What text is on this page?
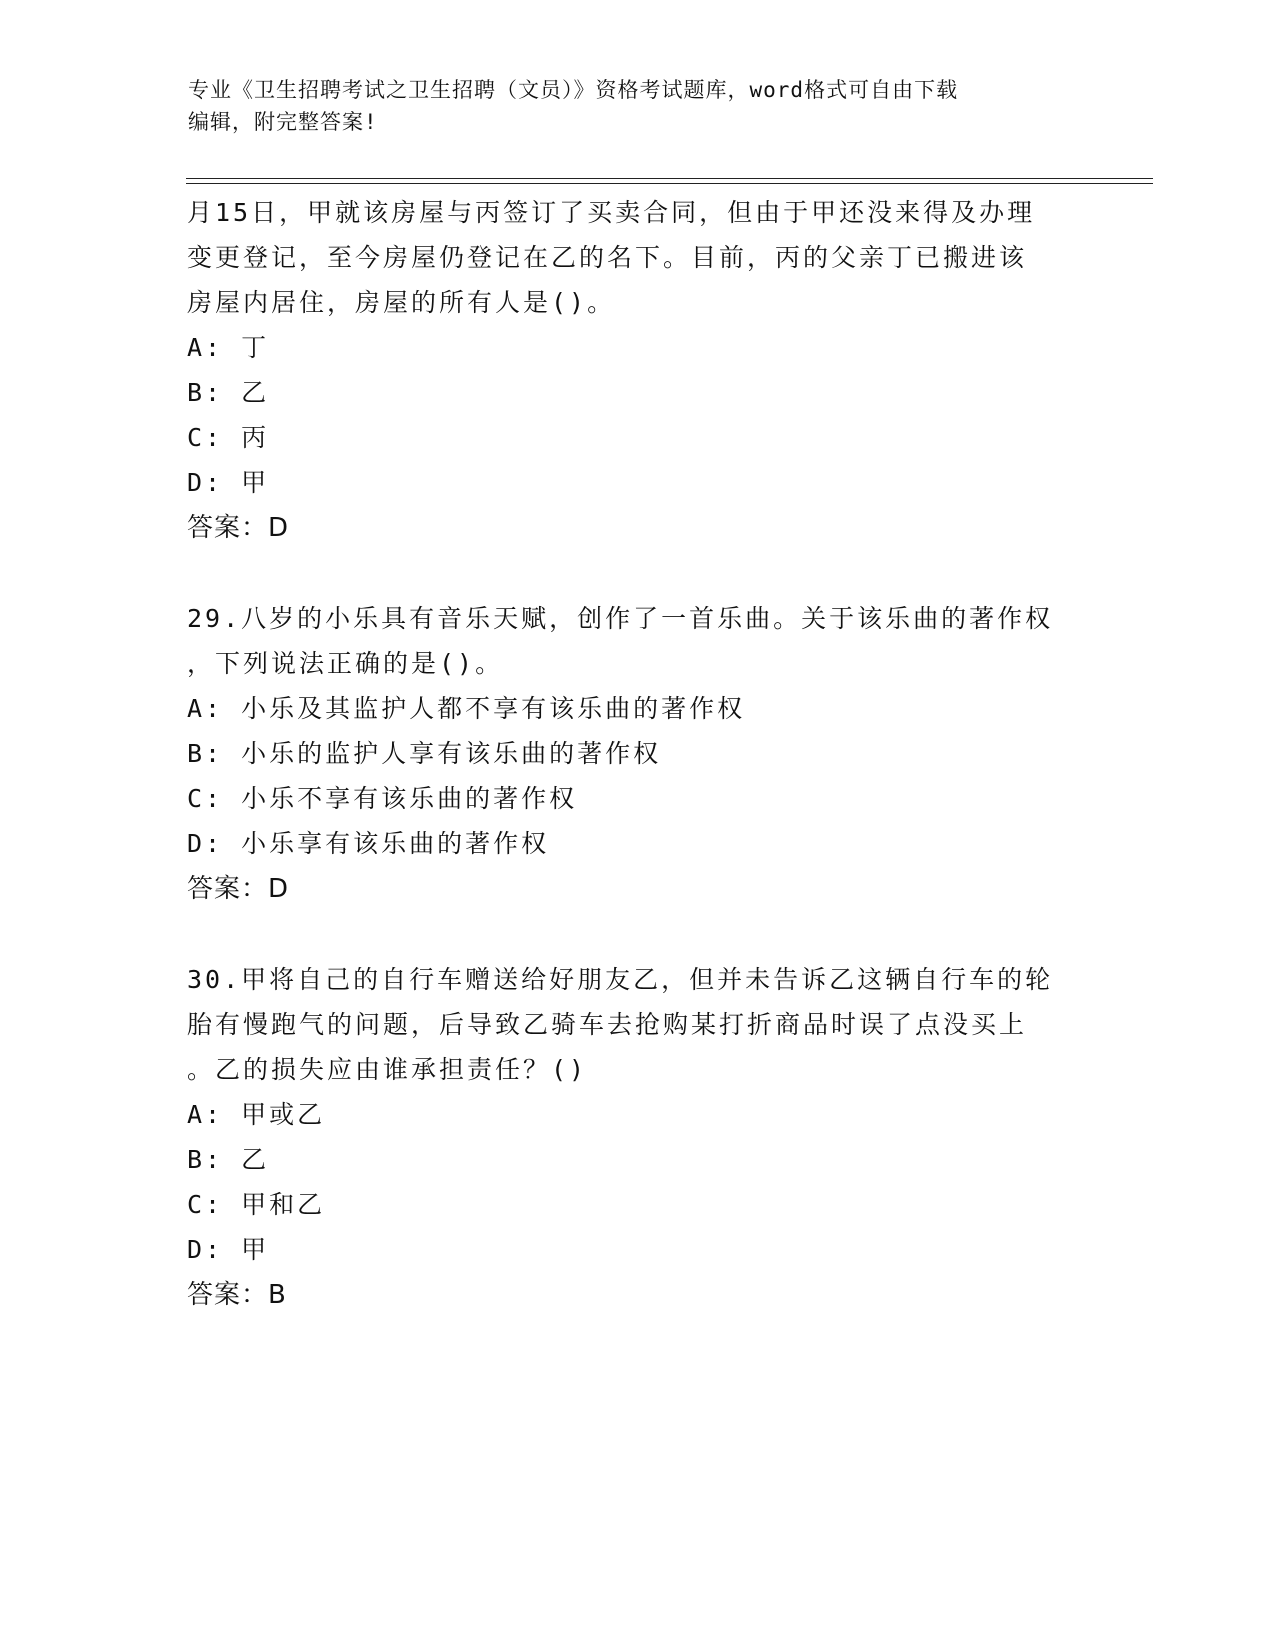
专业《卫生招聘考试之卫生招聘（文员）》资格考试题库，word格式可自由下载
编辑，附完整答案!

月15日，甲就该房屋与丙签订了买卖合同，但由于甲还没来得及办理

变更登记，至今房屋仍登记在乙的名下。目前，丙的父亲丁已搬进该

房屋内居住，房屋的所有人是()。

A: 丁

B: 乙

C: 丙

D: 甲

答案：D

29.八岁的小乐具有音乐天赋，创作了一首乐曲。关于该乐曲的著作权

，下列说法正确的是()。

A: 小乐及其监护人都不享有该乐曲的著作权

B: 小乐的监护人享有该乐曲的著作权

C: 小乐不享有该乐曲的著作权

D: 小乐享有该乐曲的著作权

答案：D

30.甲将自己的自行车赠送给好朋友乙，但并未告诉乙这辆自行车的轮

胎有慢跑气的问题，后导致乙骑车去抢购某打折商品时误了点没买上

。乙的损失应由谁承担责任？()

A: 甲或乙

B: 乙

C: 甲和乙

D: 甲

答案：B
